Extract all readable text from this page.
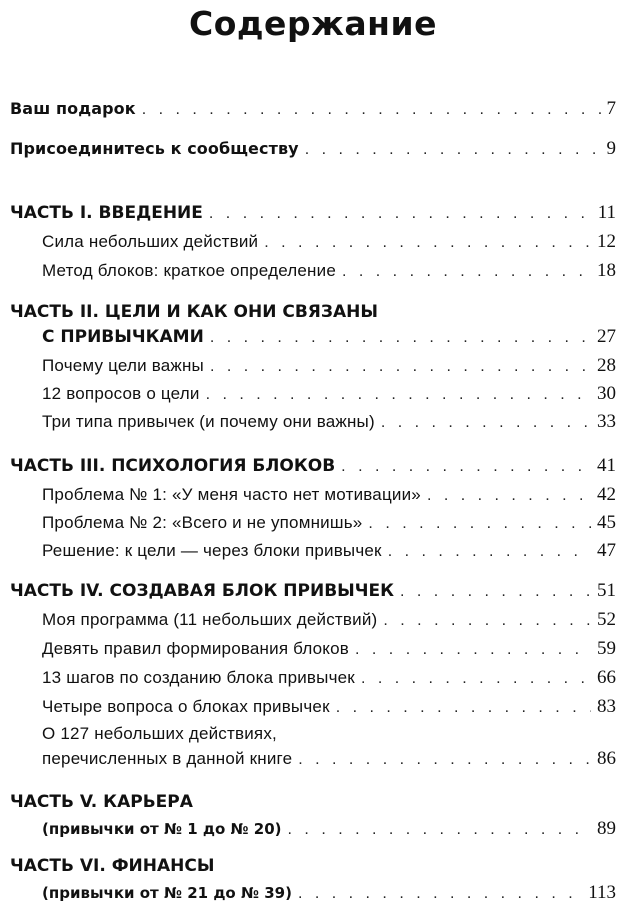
Содержание
Ваш подарок . . .	7
Присоединитесь к сообществу . . .	9
ЧАСТЬ I. ВВЕДЕНИЕ . . .	11
Сила небольших действий . . .	12
Метод блоков: краткое определение . . .	18
ЧАСТЬ II. ЦЕЛИ И КАК ОНИ СВЯЗАНЫ
С ПРИВЫЧКАМИ . . .	27
Почему цели важны . . .	28
12 вопросов о цели . . .	30
Три типа привычек (и почему они важны) . . .	33
ЧАСТЬ III. ПСИХОЛОГИЯ БЛОКОВ . . .	41
Проблема № 1: «У меня часто нет мотивации» . . .	42
Проблема № 2: «Всего и не упомнишь» . . .	45
Решение: к цели — через блоки привычек . . .	47
ЧАСТЬ IV. СОЗДАВАЯ БЛОК ПРИВЫЧЕК . . .	51
Моя программа (11 небольших действий) . . .	52
Девять правил формирования блоков . . .	59
13 шагов по созданию блока привычек . . .	66
Четыре вопроса о блоках привычек . . .	83
О 127 небольших действиях,
перечисленных в данной книге . . .	86
ЧАСТЬ V. КАРЬЕРА
(привычки от № 1 до № 20) . . .	89
ЧАСТЬ VI. ФИНАНСЫ
(привычки от № 21 до № 39) . . .	113
